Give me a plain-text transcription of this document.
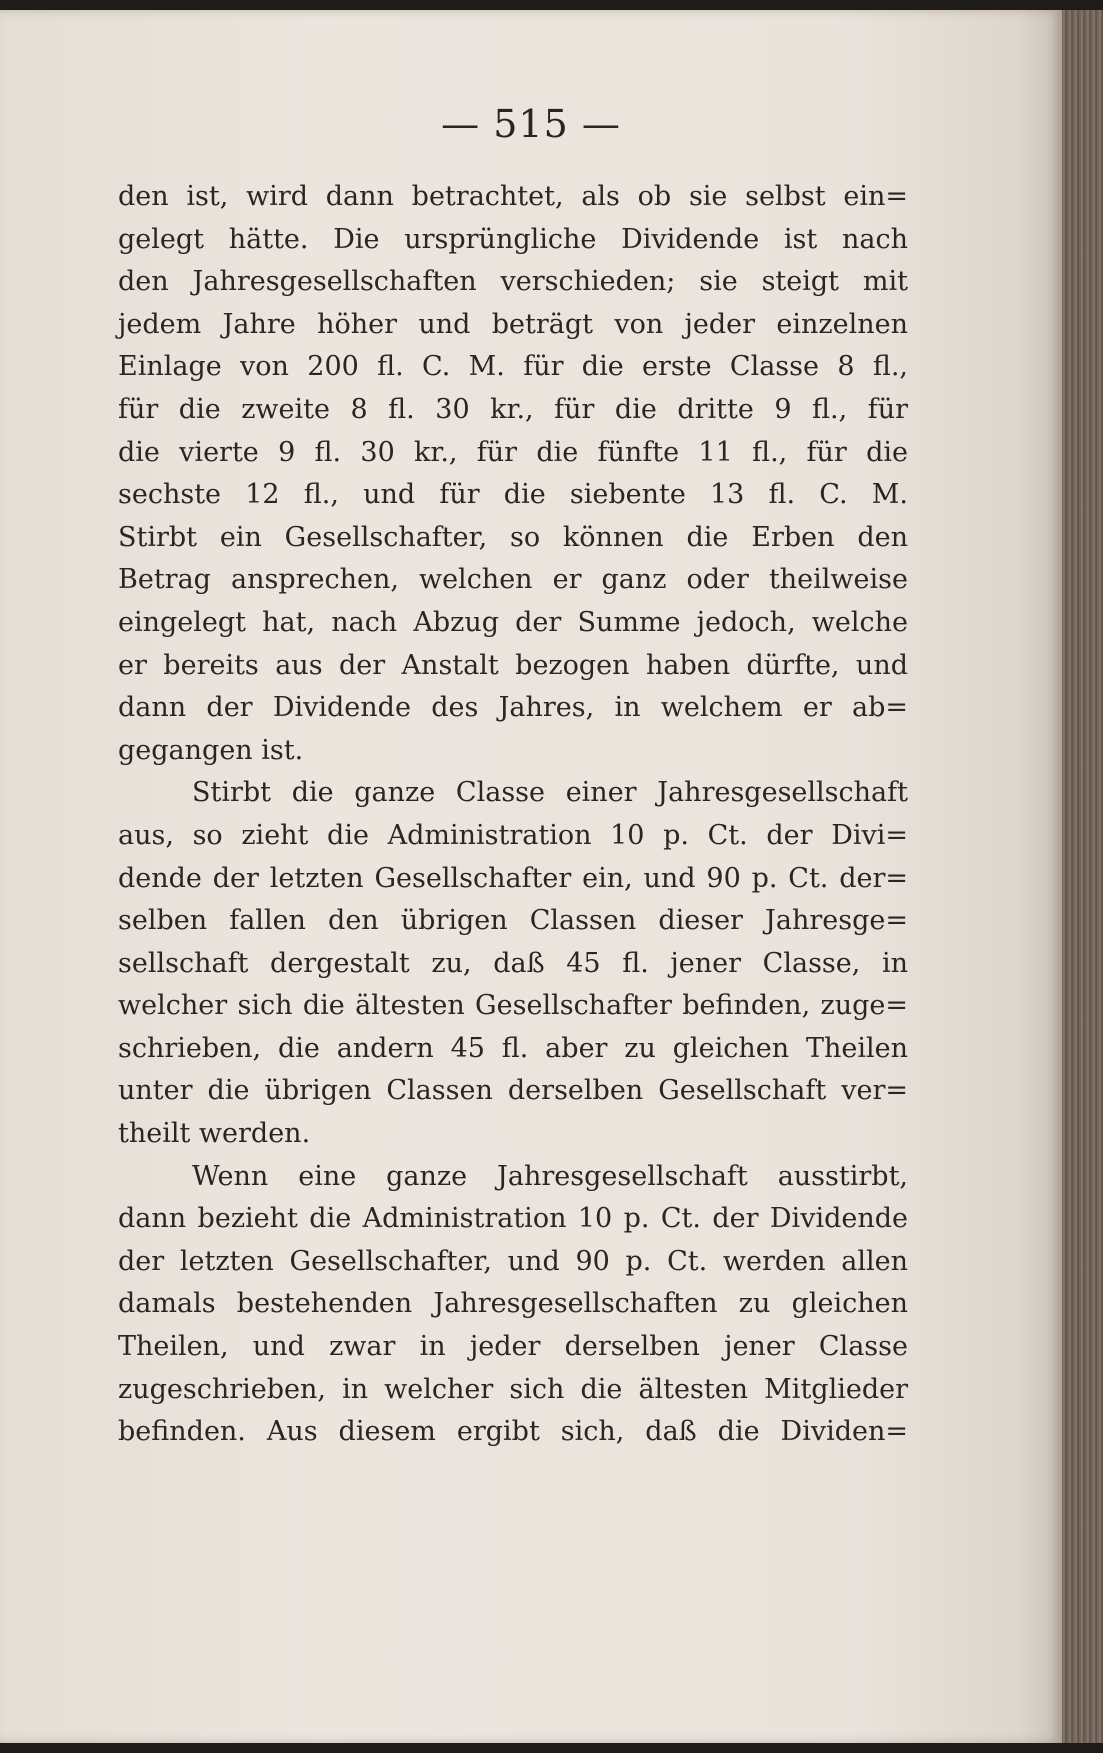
— 515 —
den ist, wird dann betrachtet, als ob sie selbst ein=
gelegt hätte. Die ursprüngliche Dividende ist nach
den Jahresgesellschaften verschieden; sie steigt mit
jedem Jahre höher und beträgt von jeder einzelnen
Einlage von 200 fl. C. M. für die erste Classe 8 fl.,
für die zweite 8 fl. 30 kr., für die dritte 9 fl., für
die vierte 9 fl. 30 kr., für die fünfte 11 fl., für die
sechste 12 fl., und für die siebente 13 fl. C. M.
Stirbt ein Gesellschafter, so können die Erben den
Betrag ansprechen, welchen er ganz oder theilweise
eingelegt hat, nach Abzug der Summe jedoch, welche
er bereits aus der Anstalt bezogen haben dürfte, und
dann der Dividende des Jahres, in welchem er ab=
gegangen ist.
Stirbt die ganze Classe einer Jahresgesellschaft
aus, so zieht die Administration 10 p. Ct. der Divi=
dende der letzten Gesellschafter ein, und 90 p. Ct. der=
selben fallen den übrigen Classen dieser Jahresge=
sellschaft dergestalt zu, daß 45 fl. jener Classe, in
welcher sich die ältesten Gesellschafter befinden, zuge=
schrieben, die andern 45 fl. aber zu gleichen Theilen
unter die übrigen Classen derselben Gesellschaft ver=
theilt werden.
Wenn eine ganze Jahresgesellschaft ausstirbt,
dann bezieht die Administration 10 p. Ct. der Dividende
der letzten Gesellschafter, und 90 p. Ct. werden allen
damals bestehenden Jahresgesellschaften zu gleichen
Theilen, und zwar in jeder derselben jener Classe
zugeschrieben, in welcher sich die ältesten Mitglieder
befinden. Aus diesem ergibt sich, daß die Dividen=
